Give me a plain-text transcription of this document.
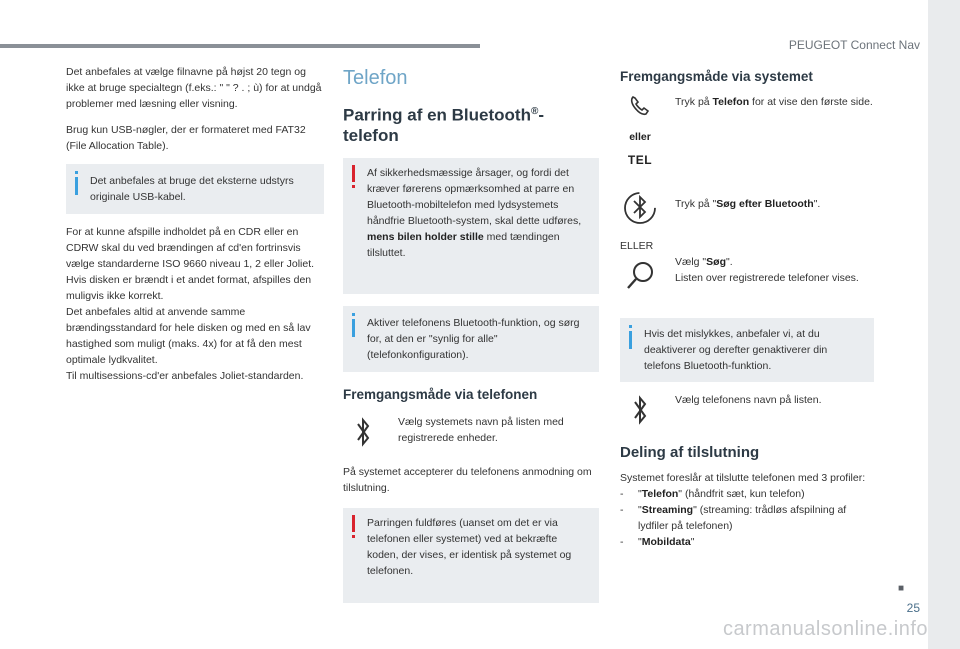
PEUGEOT Connect Nav

Det anbefales at vælge filnavne på højst 20 tegn og ikke at bruge specialtegn (f.eks.: " " ? . ; ù) for at undgå problemer med læsning eller visning.

Brug kun USB-nøgler, der er formateret med FAT32 (File Allocation Table).

Det anbefales at bruge det eksterne udstyrs originale USB-kabel.

For at kunne afspille indholdet på en CDR eller en CDRW skal du ved brændingen af cd'en fortrinsvis vælge standarderne ISO 9660 niveau 1, 2 eller Joliet.

Hvis disken er brændt i et andet format, afspilles den muligvis ikke korrekt.

Det anbefales altid at anvende samme brændingsstandard for hele disken og med en så lav hastighed som muligt (maks. 4x) for at få den mest optimale lydkvalitet.

Til multisessions-cd'er anbefales Joliet-standarden.

Telefon
Parring af en Bluetooth®-
telefon

Af sikkerhedsmæssige årsager, og fordi det kræver førerens opmærksomhed at parre en Bluetooth-mobiltelefon med lydsystemets håndfrie Bluetooth-system, skal dette udføres, mens bilen holder stille med tændingen tilsluttet.

Aktiver telefonens Bluetooth-funktion, og sørg for, at den er "synlig for alle" (telefonkonfiguration).

Fremgangsmåde via telefonen

Vælg systemets navn på listen med registrerede enheder.

På systemet accepterer du telefonens anmodning om tilslutning.

Parringen fuldføres (uanset om det er via telefonen eller systemet) ved at bekræfte koden, der vises, er identisk på systemet og telefonen.

Fremgangsmåde via systemet
eller
TEL

Tryk på Telefon for at vise den første side.

Tryk på "Søg efter Bluetooth".

ELLER

Vælg "Søg".
Listen over registrerede telefoner vises.

Hvis det mislykkes, anbefaler vi, at du deaktiverer og derefter genaktiverer din telefons Bluetooth-funktion.

Vælg telefonens navn på listen.

Deling af tilslutning

Systemet foreslår at tilslutte telefonen med 3 profiler:

-	"Telefon" (håndfrit sæt, kun telefon)
-	"Streaming" (streaming: trådløs afspilning af lydfiler på telefonen)
-	"Mobildata"
■
25
carmanualsonline.info
